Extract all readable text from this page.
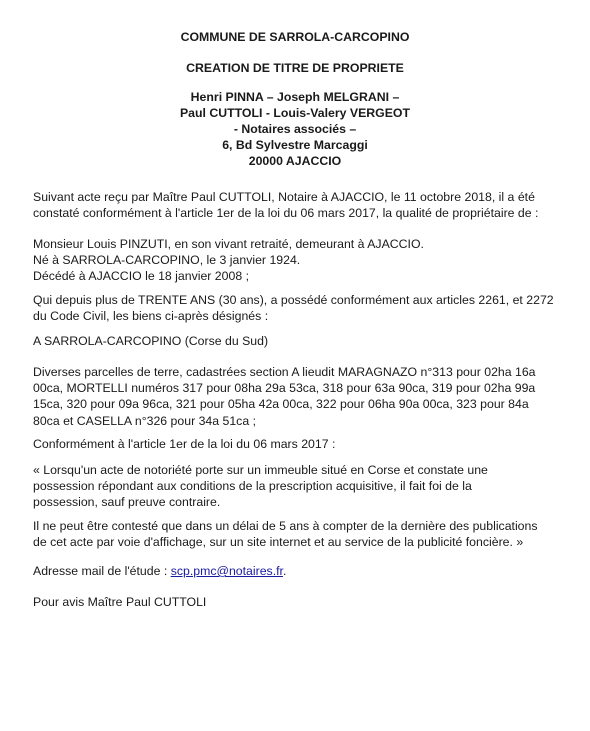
COMMUNE DE SARROLA-CARCOPINO
CREATION DE TITRE DE PROPRIETE
Henri PINNA – Joseph MELGRANI –
Paul CUTTOLI - Louis-Valery VERGEOT
- Notaires associés –
6, Bd Sylvestre Marcaggi
20000 AJACCIO
Suivant acte reçu par Maître Paul CUTTOLI, Notaire à AJACCIO, le 11 octobre 2018, il a été
constaté conformément à l'article 1er de la loi du 06 mars 2017, la qualité de propriétaire de :
Monsieur Louis PINZUTI, en son vivant retraité, demeurant à AJACCIO.
Né à SARROLA-CARCOPINO, le 3 janvier 1924.
Décédé à AJACCIO le 18 janvier 2008 ;
Qui depuis plus de TRENTE ANS (30 ans), a possédé conformément aux articles 2261, et 2272
du Code Civil, les biens ci-après désignés :
A SARROLA-CARCOPINO (Corse du Sud)
Diverses parcelles de terre, cadastrées section A lieudit MARAGNAZO n°313 pour 02ha 16a
00ca, MORTELLI numéros 317 pour 08ha 29a 53ca, 318 pour 63a 90ca, 319 pour 02ha 99a
15ca, 320 pour 09a 96ca, 321 pour 05ha 42a 00ca, 322 pour 06ha 90a 00ca, 323 pour 84a
80ca et CASELLA n°326 pour 34a 51ca ;
Conformément à l'article 1er de la loi du 06 mars 2017 :
« Lorsqu'un acte de notoriété porte sur un immeuble situé en Corse et constate une
possession répondant aux conditions de la prescription acquisitive, il fait foi de la
possession, sauf preuve contraire.
Il ne peut être contesté que dans un délai de 5 ans à compter de la dernière des publications
de cet acte par voie d'affichage, sur un site internet et au service de la publicité foncière. »
Adresse mail de l'étude : scp.pmc@notaires.fr.
Pour avis Maître Paul CUTTOLI
